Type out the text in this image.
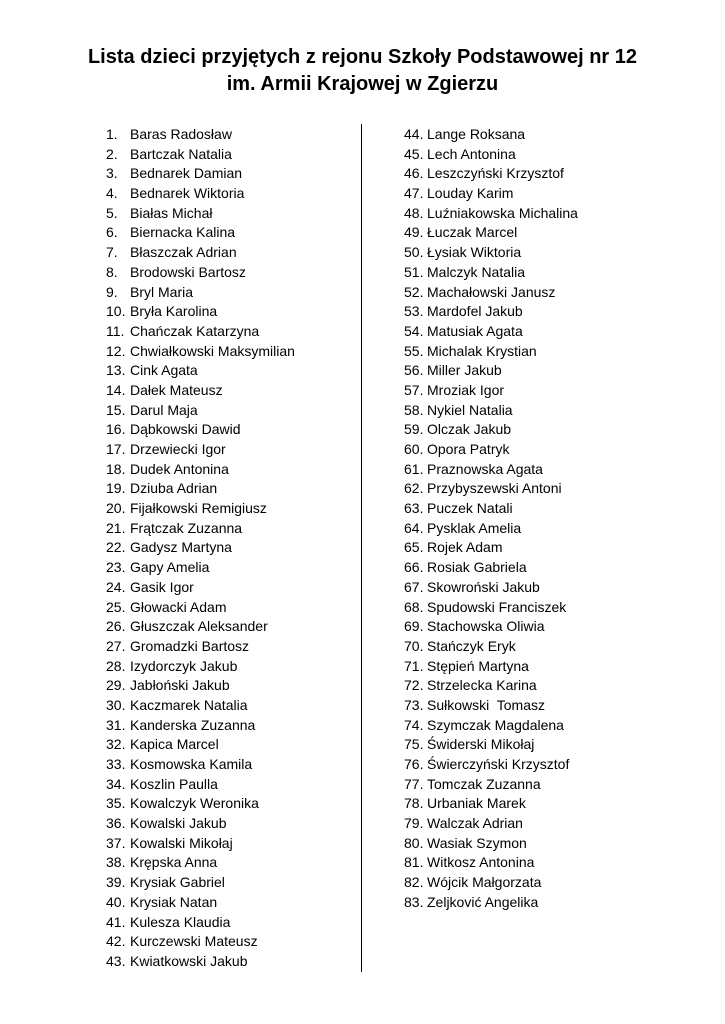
Lista dzieci przyjętych z rejonu Szkoły Podstawowej nr 12
im. Armii Krajowej w Zgierzu
1. Baras Radosław
2. Bartczak Natalia
3. Bednarek Damian
4. Bednarek Wiktoria
5. Białas Michał
6. Biernacka Kalina
7. Błaszczak Adrian
8. Brodowski Bartosz
9. Bryl Maria
10. Bryła Karolina
11. Chańczak Katarzyna
12. Chwiałkowski Maksymilian
13. Cink Agata
14. Dałek Mateusz
15. Darul Maja
16. Dąbkowski Dawid
17. Drzewiecki Igor
18. Dudek Antonina
19. Dziuba Adrian
20. Fijałkowski Remigiusz
21. Frątczak Zuzanna
22. Gadysz Martyna
23. Gapy Amelia
24. Gasik Igor
25. Głowacki Adam
26. Głuszczak Aleksander
27. Gromadzki Bartosz
28. Izydorczyk Jakub
29. Jabłoński Jakub
30. Kaczmarek Natalia
31. Kanderska Zuzanna
32. Kapica Marcel
33. Kosmowska Kamila
34. Koszlin Paulla
35. Kowalczyk Weronika
36. Kowalski Jakub
37. Kowalski Mikołaj
38. Krępska Anna
39. Krysiak Gabriel
40. Krysiak Natan
41. Kulesza Klaudia
42. Kurczewski Mateusz
43. Kwiatkowski Jakub
44. Lange Roksana
45. Lech Antonina
46. Leszczyński Krzysztof
47. Louday Karim
48. Luźniakowska Michalina
49. Łuczak Marcel
50. Łysiak Wiktoria
51. Malczyk Natalia
52. Machałowski Janusz
53. Mardofel Jakub
54. Matusiak Agata
55. Michalak Krystian
56. Miller Jakub
57. Mroziak Igor
58. Nykiel Natalia
59. Olczak Jakub
60. Opora Patryk
61. Praznowska Agata
62. Przybyszewski Antoni
63. Puczek Natali
64. Pysklak Amelia
65. Rojek Adam
66. Rosiak Gabriela
67. Skowroński Jakub
68. Spudowski Franciszek
69. Stachowska Oliwia
70. Stańczyk Eryk
71. Stępień Martyna
72. Strzelecka Karina
73. Sułkowski  Tomasz
74. Szymczak Magdalena
75. Świderski Mikołaj
76. Świerczyński Krzysztof
77. Tomczak Zuzanna
78. Urbaniak Marek
79. Walczak Adrian
80. Wasiak Szymon
81. Witkosz Antonina
82. Wójcik Małgorzata
83. Zeljković Angelika
